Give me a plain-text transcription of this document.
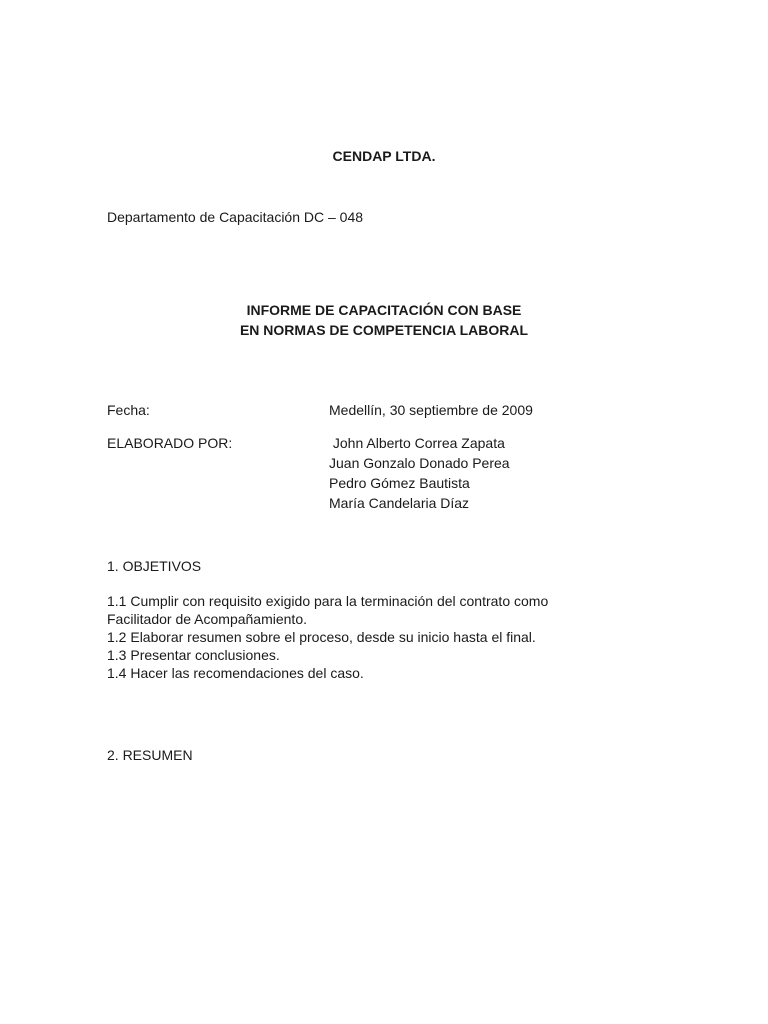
CENDAP LTDA.
Departamento de Capacitación DC – 048
INFORME DE CAPACITACIÓN CON BASE
EN NORMAS DE COMPETENCIA LABORAL
Fecha:	Medellín, 30 septiembre de 2009
ELABORADO POR:	John Alberto Correa Zapata
Juan Gonzalo Donado Perea
Pedro Gómez Bautista
María Candelaria Díaz
1. OBJETIVOS
1.1 Cumplir con requisito exigido para la terminación del contrato como
Facilitador de Acompañamiento.
1.2 Elaborar resumen sobre el proceso, desde su inicio hasta el final.
1.3 Presentar conclusiones.
1.4 Hacer las recomendaciones del caso.
2. RESUMEN
